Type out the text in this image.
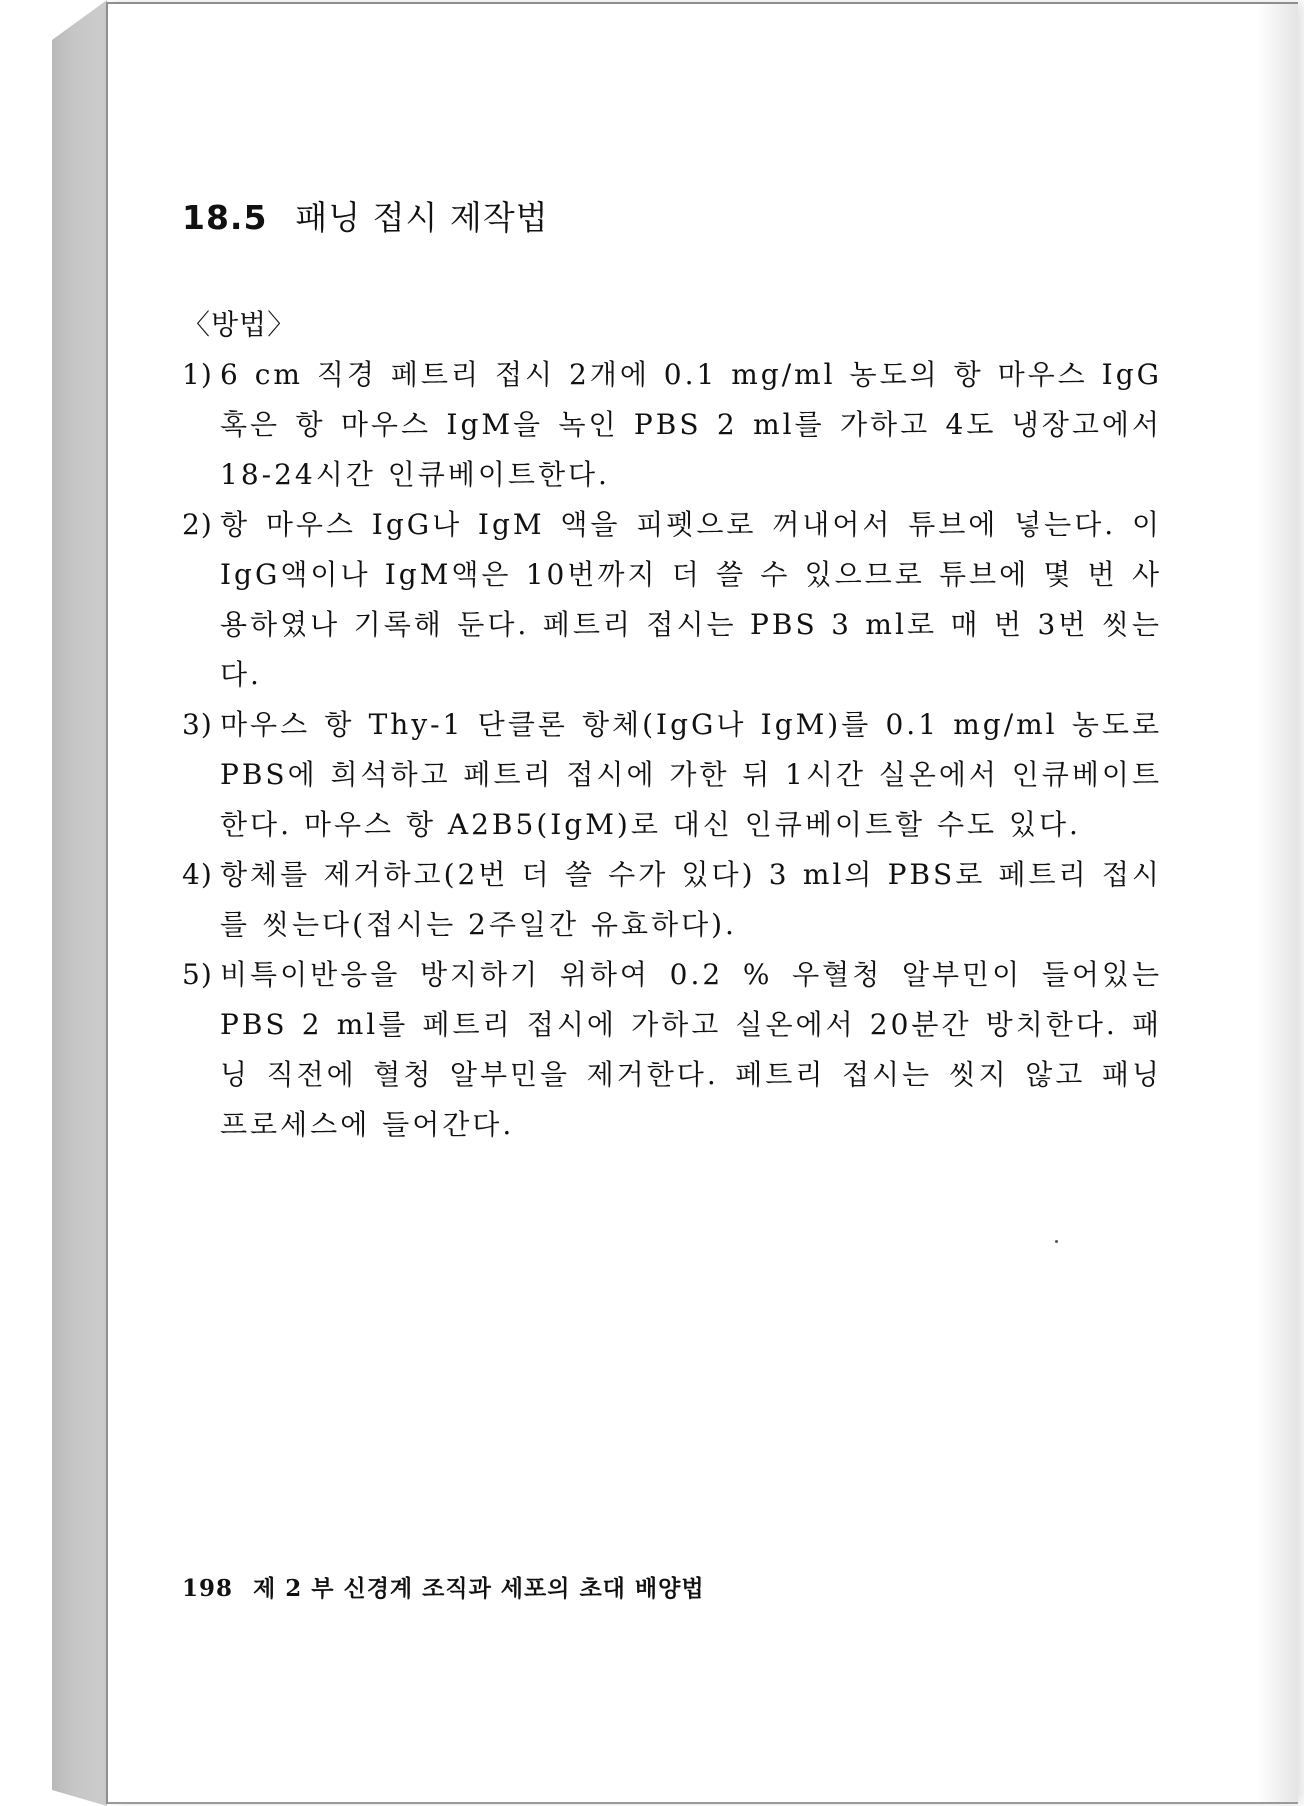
18.5 패닝 접시 제작법
〈방법〉
1) 6 cm 직경 페트리 접시 2개에 0.1 mg/ml 농도의 항 마우스 IgG 혹은 항 마우스 IgM을 녹인 PBS 2 ml를 가하고 4도 냉장고에서 18-24시간 인큐베이트한다.
2) 항 마우스 IgG나 IgM 액을 피펫으로 꺼내어서 튜브에 넣는다. 이 IgG액이나 IgM액은 10번까지 더 쓸 수 있으므로 튜브에 몇 번 사용하였나 기록해 둔다. 페트리 접시는 PBS 3 ml로 매 번 3번 씻는다.
3) 마우스 항 Thy-1 단클론 항체(IgG나 IgM)를 0.1 mg/ml 농도로 PBS에 희석하고 페트리 접시에 가한 뒤 1시간 실온에서 인큐베이트한다. 마우스 항 A2B5(IgM)로 대신 인큐베이트할 수도 있다.
4) 항체를 제거하고(2번 더 쓸 수가 있다) 3 ml의 PBS로 페트리 접시를 씻는다(접시는 2주일간 유효하다).
5) 비특이반응을 방지하기 위하여 0.2 % 우혈청 알부민이 들어있는 PBS 2 ml를 페트리 접시에 가하고 실온에서 20분간 방치한다. 패닝 직전에 혈청 알부민을 제거한다. 페트리 접시는 씻지 않고 패닝 프로세스에 들어간다.
198 제 2 부 신경계 조직과 세포의 초대 배양법
